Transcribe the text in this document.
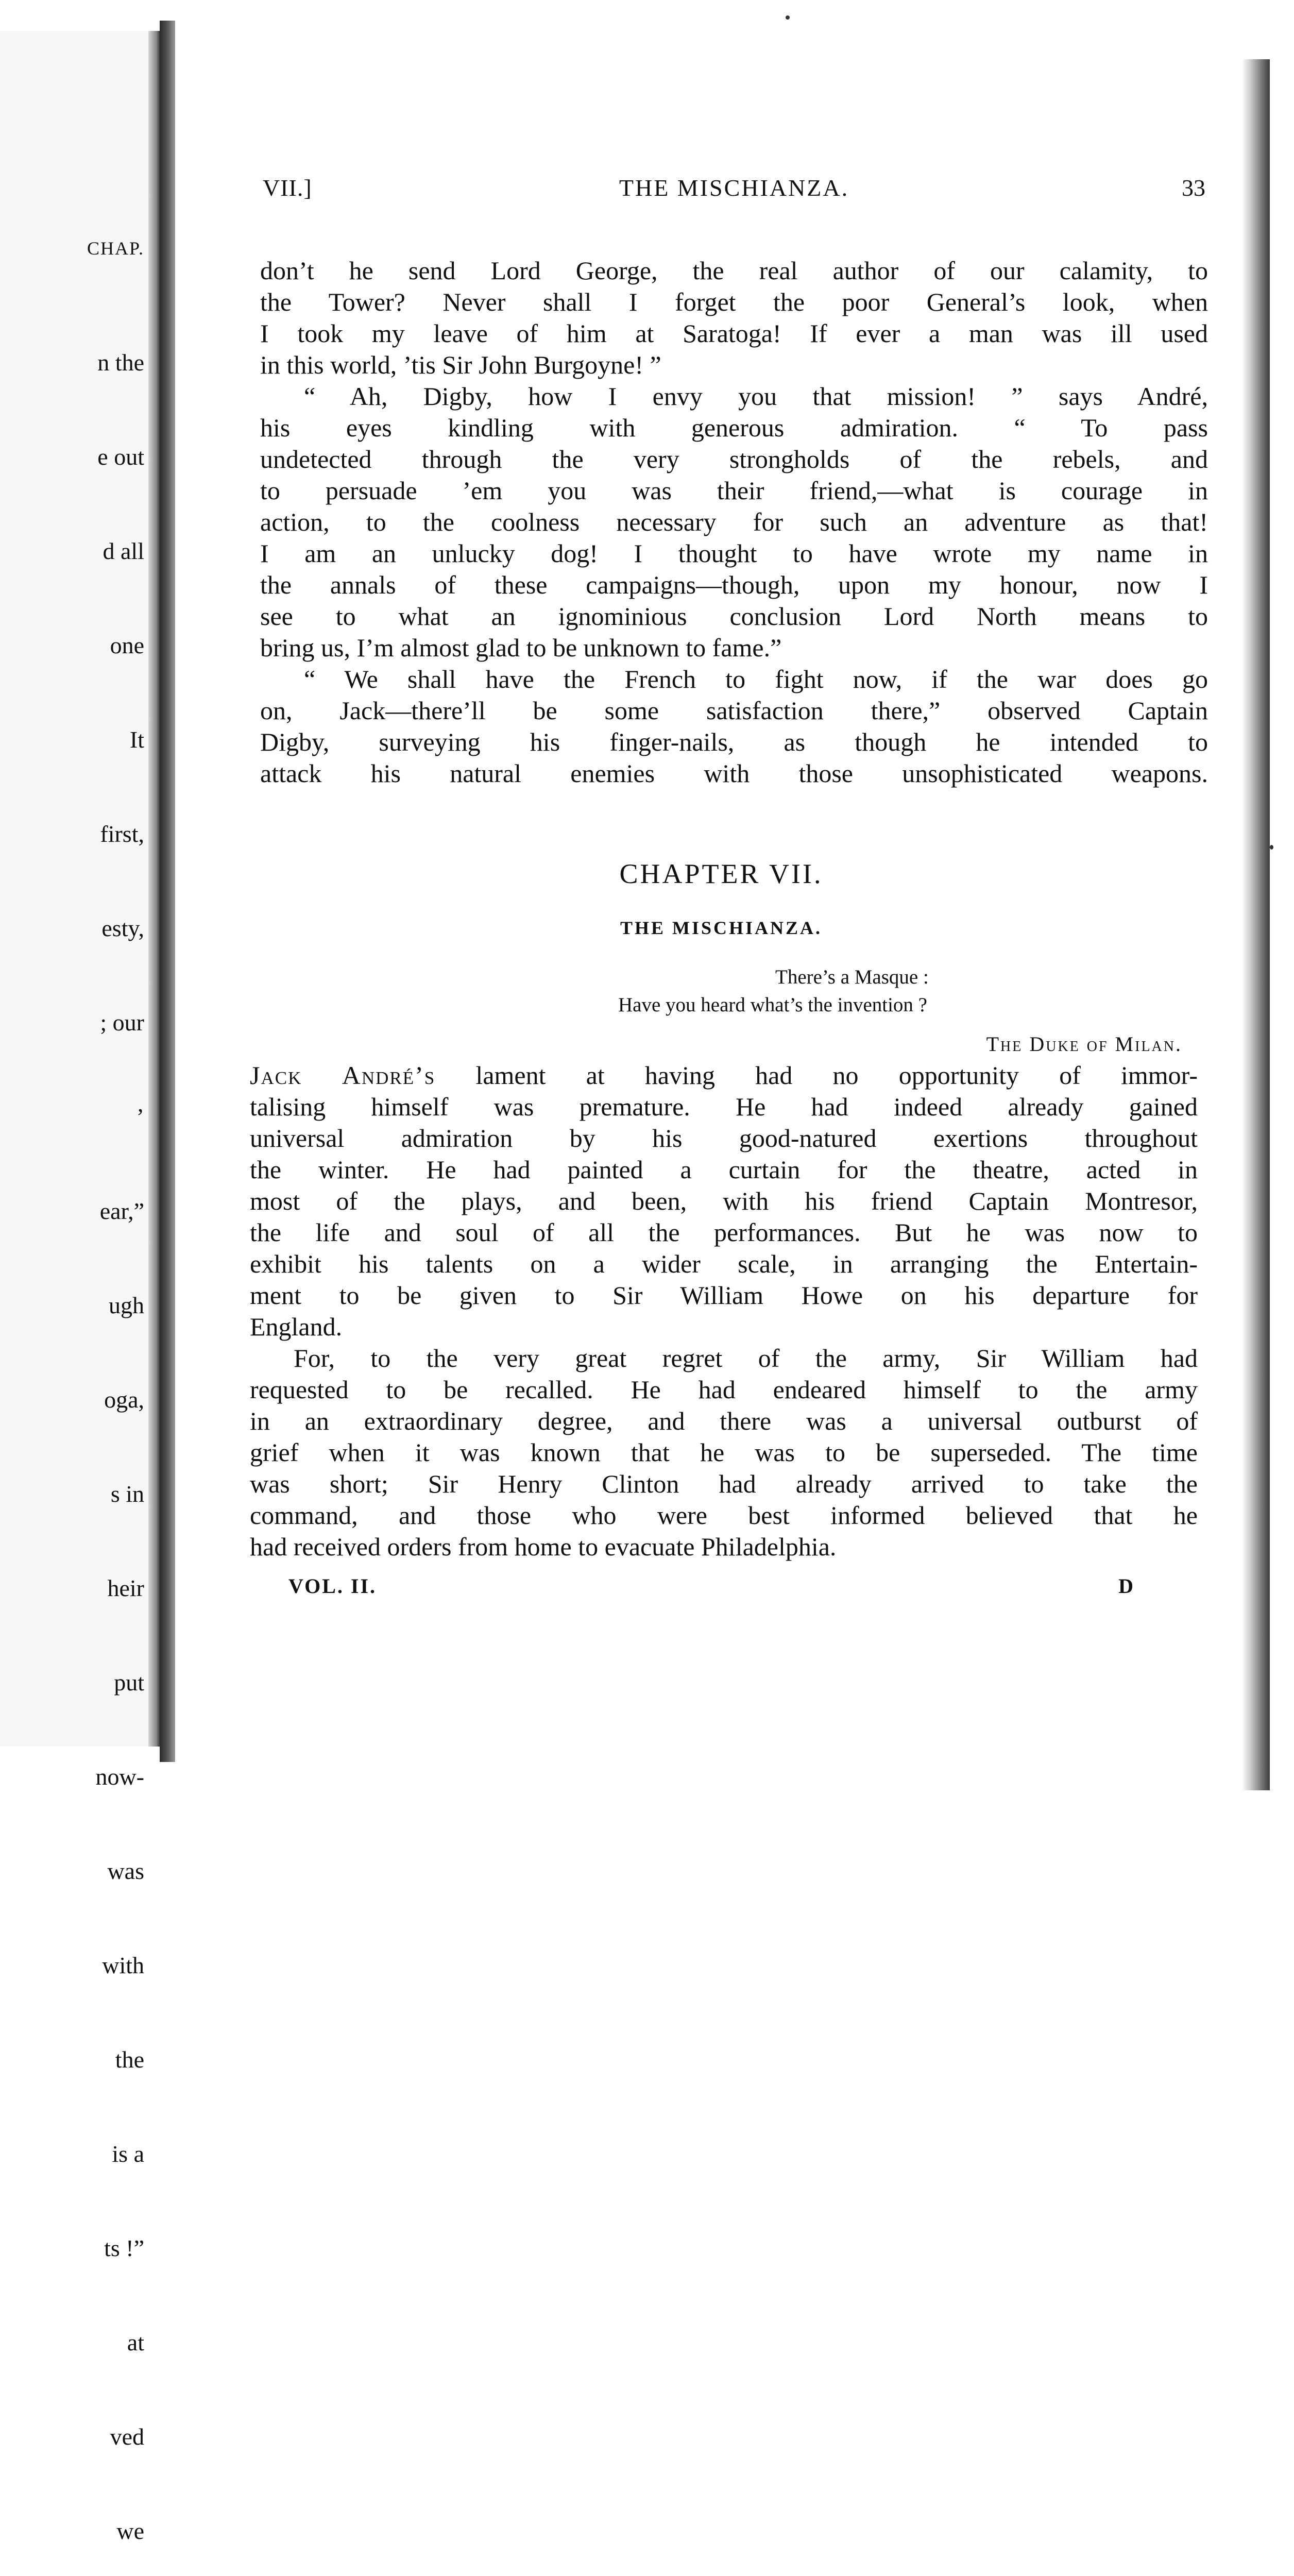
CHAP.

n the

e out

d all

one

It

first,

esty,

; our

’

ear,”

ugh

oga,

s in

heir

put

now-

was

with

the

is a

ts !”

at

ved

we

VII.]	THE MISCHIANZA.	33
don’t he send Lord George, the real author of our calamity, to
the Tower? Never shall I forget the poor General’s look, when
I took my leave of him at Saratoga! If ever a man was ill used
in this world, ’tis Sir John Burgoyne! ”
“ Ah, Digby, how I envy you that mission! ” says André,
his eyes kindling with generous admiration. “ To pass
undetected through the very strongholds of the rebels, and
to persuade ’em you was their friend,—what is courage in
action, to the coolness necessary for such an adventure as that!
I am an unlucky dog! I thought to have wrote my name in
the annals of these campaigns—though, upon my honour, now I
see to what an ignominious conclusion Lord North means to
bring us, I’m almost glad to be unknown to fame.”
“ We shall have the French to fight now, if the war does go
on, Jack—there’ll be some satisfaction there,” observed Captain
Digby, surveying his finger-nails, as though he intended to
attack his natural enemies with those unsophisticated weapons.
CHAPTER VII.
THE MISCHIANZA.
There’s a Masque :
Have you heard what’s the invention ?
The Duke of Milan.
Jack André’s lament at having had no opportunity of immor-
talising himself was premature. He had indeed already gained
universal admiration by his good-natured exertions throughout
the winter. He had painted a curtain for the theatre, acted in
most of the plays, and been, with his friend Captain Montresor,
the life and soul of all the performances. But he was now to
exhibit his talents on a wider scale, in arranging the Entertain-
ment to be given to Sir William Howe on his departure for
England.
For, to the very great regret of the army, Sir William had
requested to be recalled. He had endeared himself to the army
in an extraordinary degree, and there was a universal outburst of
grief when it was known that he was to be superseded. The time
was short; Sir Henry Clinton had already arrived to take the
command, and those who were best informed believed that he
had received orders from home to evacuate Philadelphia.
VOL. II.	D
